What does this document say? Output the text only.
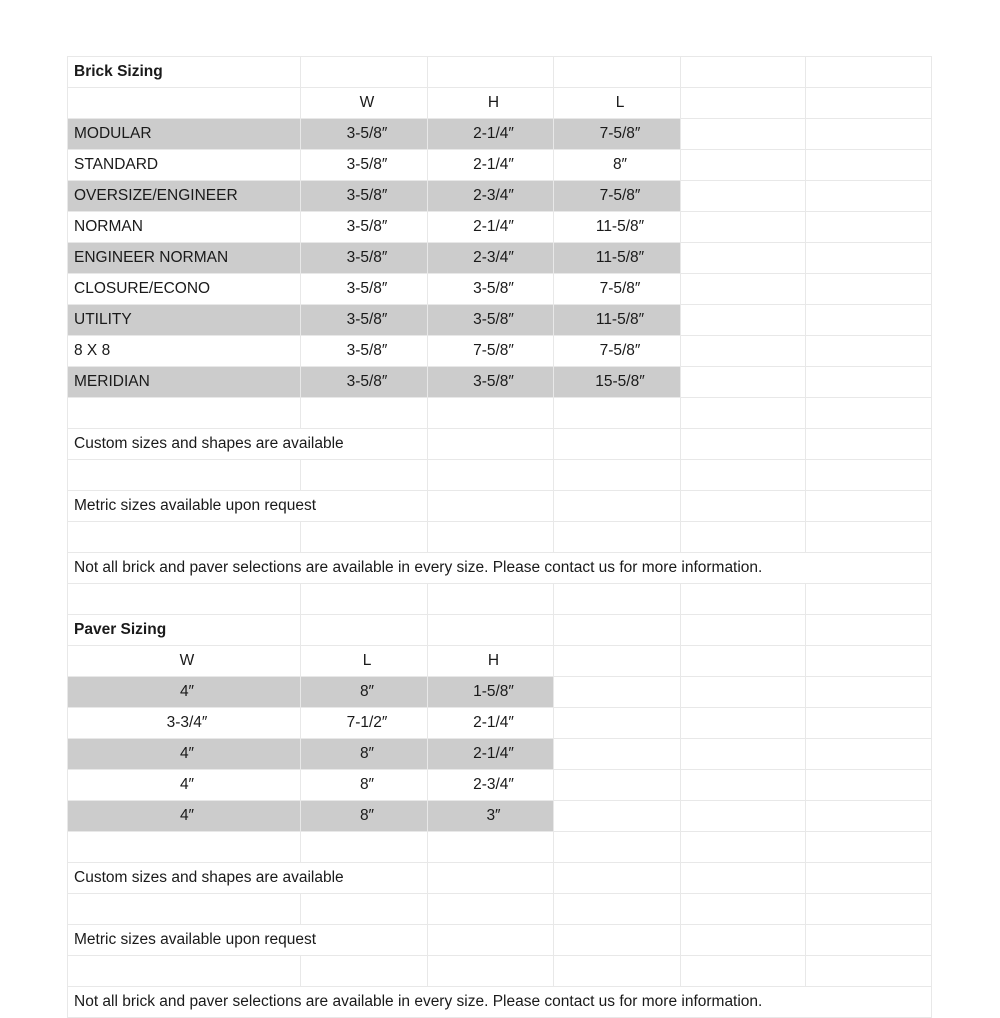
Brick Sizing					
	W	H	L		
MODULAR	3-5/8″	2-1/4″	7-5/8″		
STANDARD	3-5/8″	2-1/4″	8″		
OVERSIZE/ENGINEER	3-5/8″	2-3/4″	7-5/8″		
NORMAN	3-5/8″	2-1/4″	11-5/8″		
ENGINEER NORMAN	3-5/8″	2-3/4″	11-5/8″		
CLOSURE/ECONO	3-5/8″	3-5/8″	7-5/8″		
UTILITY	3-5/8″	3-5/8″	11-5/8″		
8 X 8	3-5/8″	7-5/8″	7-5/8″		
MERIDIAN	3-5/8″	3-5/8″	15-5/8″		

Custom sizes and shapes are available					

Metric sizes available upon request					

Not all brick and paver selections are available in every size. Please contact us for more information.					

Paver Sizing					
W	L	H			
4″	8″	1-5/8″			
3-3/4″	7-1/2″	2-1/4″			
4″	8″	2-1/4″			
4″	8″	2-3/4″			
4″	8″	3″			

Custom sizes and shapes are available					

Metric sizes available upon request					

Not all brick and paver selections are available in every size. Please contact us for more information.					
